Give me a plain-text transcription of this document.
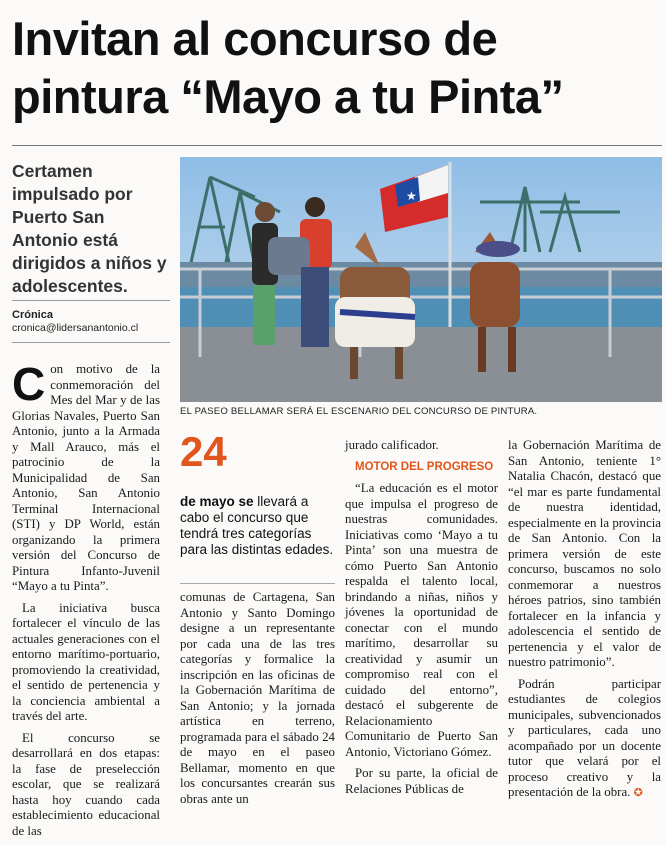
Invitan al concurso de
pintura “Mayo a tu Pinta”

Certamen impulsado por Puerto San Antonio está dirigidos a niños y adolescentes.

Crónica
cronica@lidersanantonio.cl
★
EL PASEO BELLAMAR SERÁ EL ESCENARIO DEL CONCURSO DE PINTURA.

Con motivo de la conmemoración del Mes del Mar y de las Glorias Navales, Puerto San Antonio, junto a la Armada y Mall Arauco, más el patrocinio de la Municipalidad de San Antonio, San Antonio Terminal Internacional (STI) y DP World, están organizando la primera versión del Concurso de Pintura Infanto-Juvenil “Mayo a tu Pinta”.

La iniciativa busca fortalecer el vínculo de las actuales generaciones con el entorno marítimo-portuario, promoviendo la creatividad, el sentido de pertenencia y la conciencia ambiental a través del arte.

El concurso se desarrollará en dos etapas: la fase de preselección escolar, que se realizará hasta hoy cuando cada establecimiento educacional de las

24
de mayo se llevará a cabo el concurso que tendrá tres categorías para las distintas edades.

comunas de Cartagena, San Antonio y Santo Domingo designe a un representante por cada una de las tres categorías y formalice la inscripción en las oficinas de la Gobernación Marítima de San Antonio; y la jornada artística en terreno, programada para el sábado 24 de mayo en el paseo Bellamar, momento en que los concursantes crearán sus obras ante un

jurado calificador.

MOTOR DEL PROGRESO

“La educación es el motor que impulsa el progreso de nuestras comunidades. Iniciativas como ‘Mayo a tu Pinta’ son una muestra de cómo Puerto San Antonio respalda el talento local, brindando a niñas, niños y jóvenes la oportunidad de conectar con el mundo marítimo, desarrollar su creatividad y asumir un compromiso real con el cuidado del entorno”, destacó el subgerente de Relacionamiento Comunitario de Puerto San Antonio, Victoriano Gómez.

Por su parte, la oficial de Relaciones Públicas de

la Gobernación Marítima de San Antonio, teniente 1° Natalia Chacón, destacó que “el mar es parte fundamental de nuestra identidad, especialmente en la provincia de San Antonio. Con la primera versión de este concurso, buscamos no solo conmemorar a nuestros héroes patrios, sino también fortalecer en la infancia y adolescencia el sentido de pertenencia y el valor de nuestro patrimonio”.

Podrán participar estudiantes de colegios municipales, subvencionados y particulares, cada uno acompañado por un docente tutor que velará por el proceso creativo y la presentación de la obra. ✪
